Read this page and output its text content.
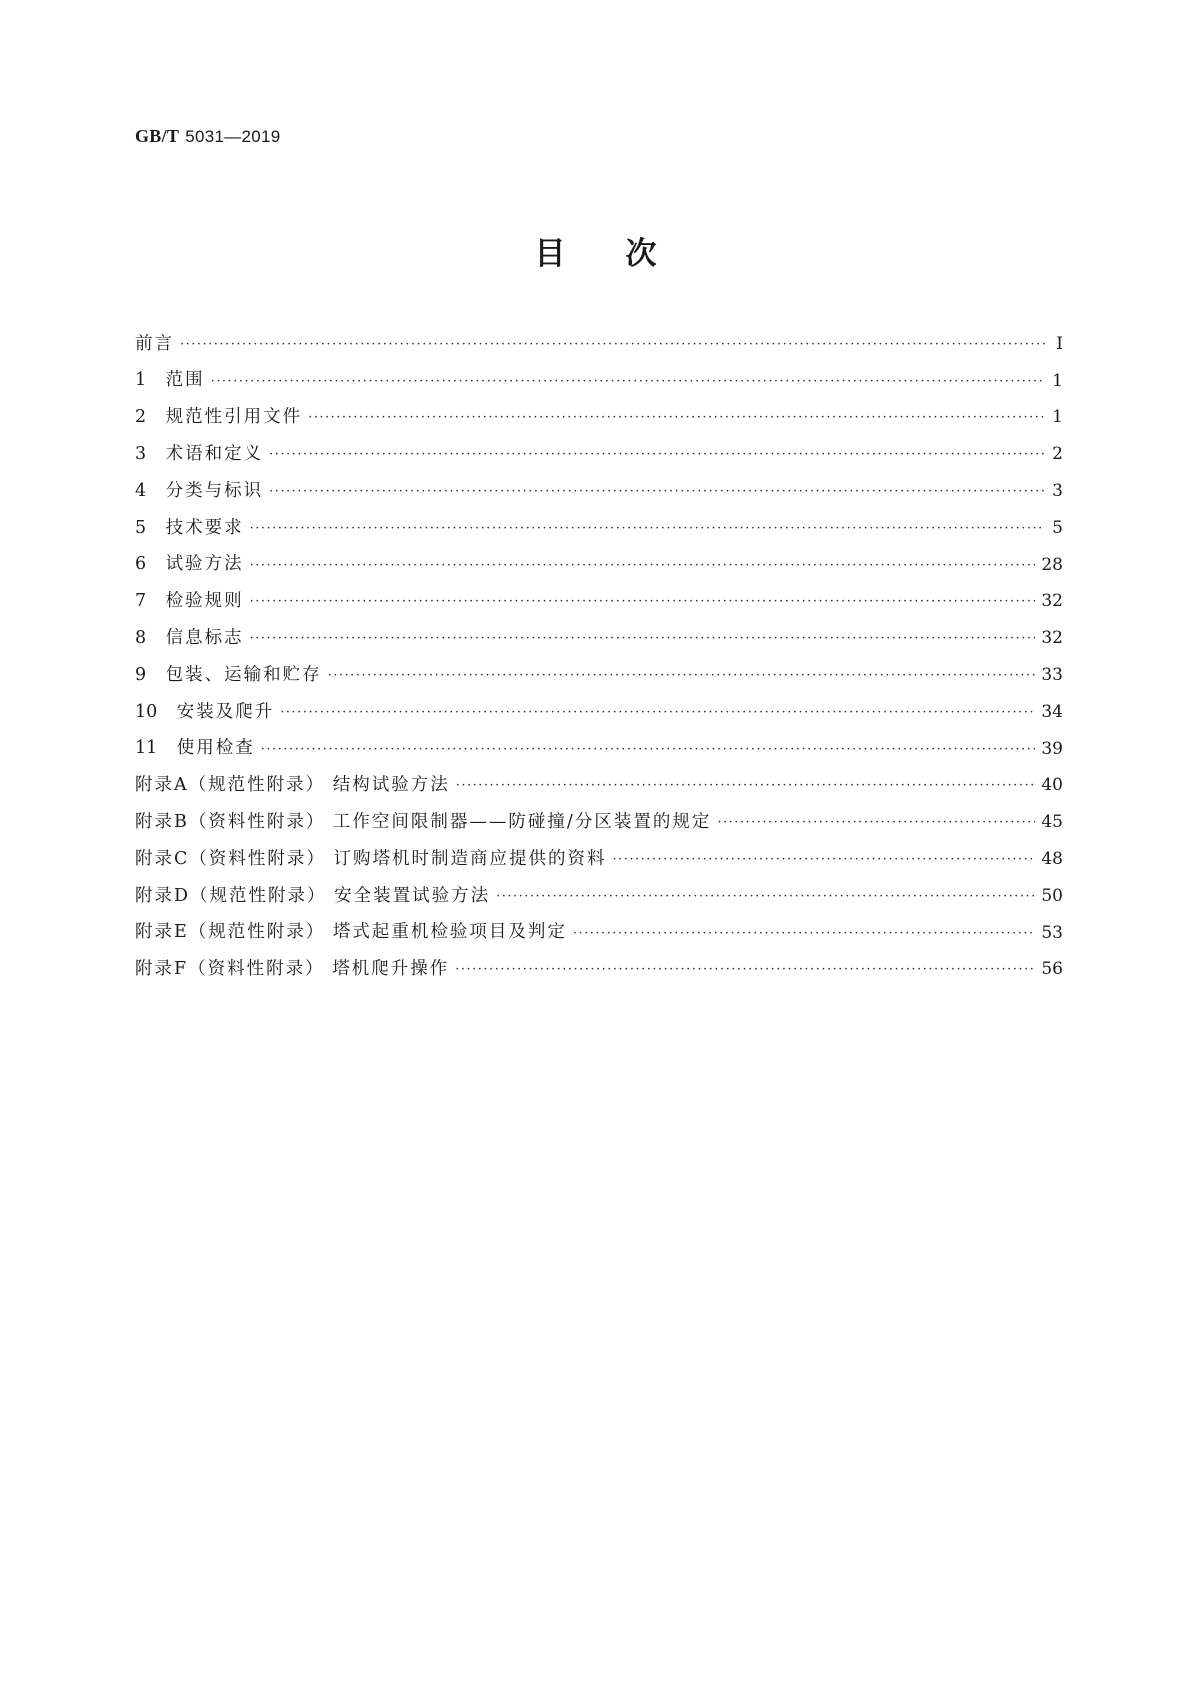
GB/T 5031—2019
目次
前言 ·····	Ⅰ
1　 范围 ·····	1
2　 规范性引用文件 ·····	1
3　 术语和定义 ·····	2
4　 分类与标识 ·····	3
5　 技术要求 ·····	5
6　 试验方法 ·····	28
7　 检验规则 ·····	32
8　 信息标志 ·····	32
9　 包装、运输和贮存 ·····	33
10　 安装及爬升 ·····	34
11　 使用检查 ·····	39
附录A（规范性附录） 结构试验方法 ·····	40
附录B（资料性附录） 工作空间限制器——防碰撞/分区装置的规定 ·····	45
附录C（资料性附录） 订购塔机时制造商应提供的资料 ·····	48
附录D（规范性附录） 安全装置试验方法 ·····	50
附录E（规范性附录） 塔式起重机检验项目及判定 ·····	53
附录F（资料性附录） 塔机爬升操作 ·····	56
